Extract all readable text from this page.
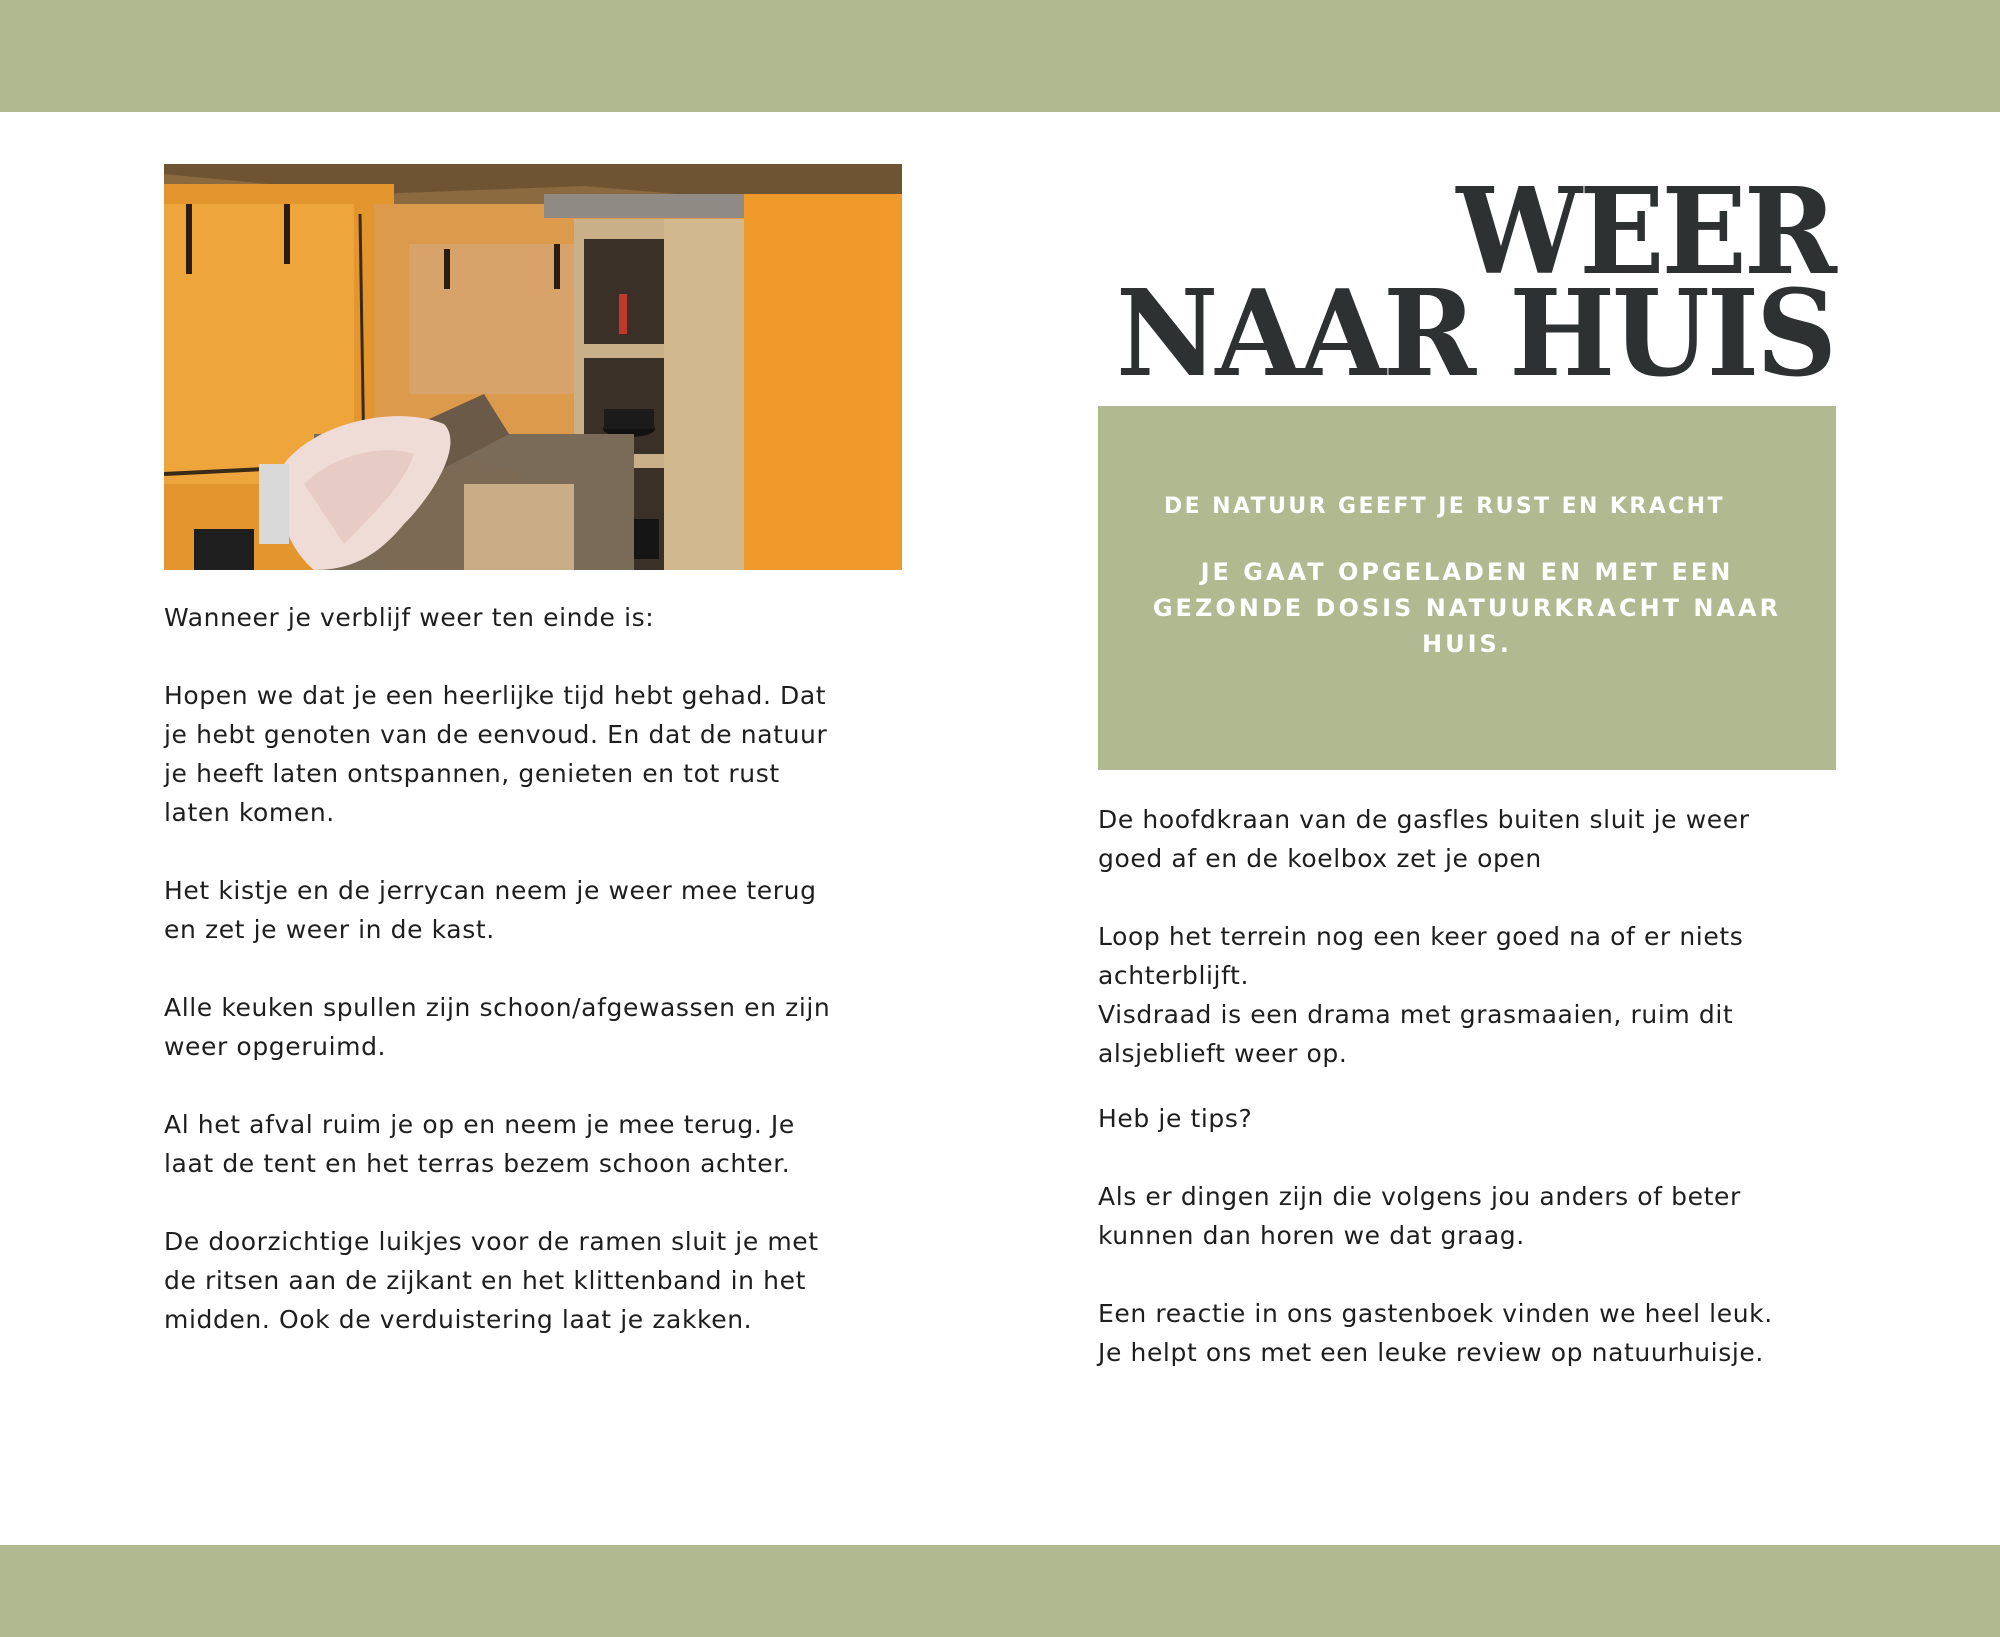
Wanneer je verblijf weer ten einde is:

Hopen we dat je een heerlijke tijd hebt gehad. Dat
je hebt genoten van de eenvoud. En dat de natuur
je heeft laten ontspannen, genieten en tot rust
laten komen.

Het kistje en de jerrycan neem je weer mee terug
en zet je weer in de kast.

Alle keuken spullen zijn schoon/afgewassen en zijn
weer opgeruimd.

Al het afval ruim je op en neem je mee terug. Je
laat de tent en het terras bezem schoon achter.

De doorzichtige luikjes voor de ramen sluit je met
de ritsen aan de zijkant en het klittenband in het
midden. Ook de verduistering laat je zakken.

WEER
NAAR HUIS
DE NATUUR GEEFT JE RUST EN KRACHT
JE GAAT OPGELADEN EN MET EEN GEZONDE DOSIS NATUURKRACHT NAAR HUIS.

De hoofdkraan van de gasfles buiten sluit je weer
goed af en de koelbox zet je open

Loop het terrein nog een keer goed na of er niets
achterblijft.
Visdraad is een drama met grasmaaien, ruim dit
alsjeblieft weer op.

Heb je tips?

Als er dingen zijn die volgens jou anders of beter
kunnen dan horen we dat graag.

Een reactie in ons gastenboek vinden we heel leuk.
Je helpt ons met een leuke review op natuurhuisje.
